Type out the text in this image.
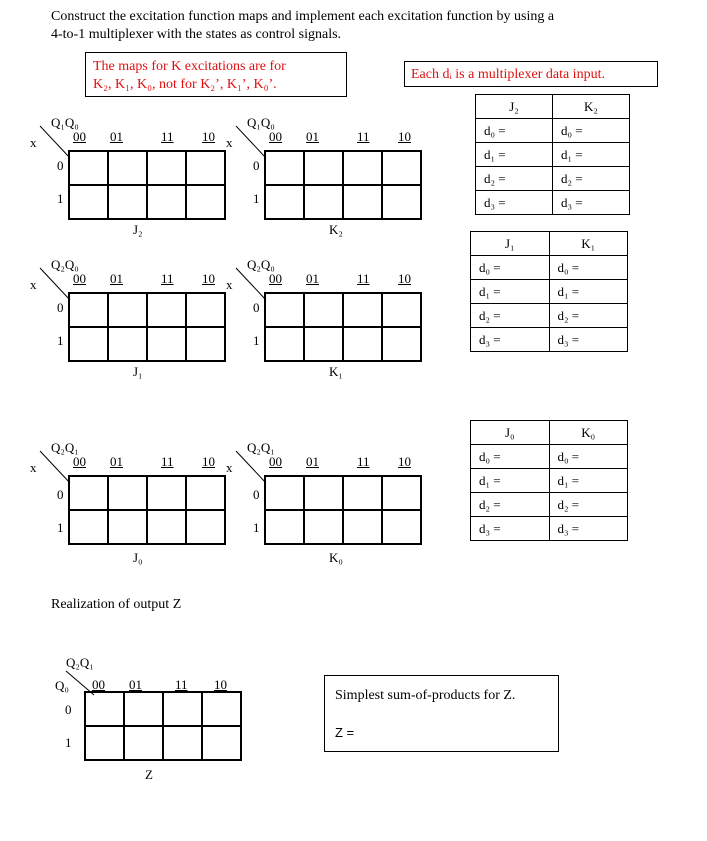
Construct the excitation function maps and implement each excitation function by using a
4-to-1 multiplexer with the states as control signals.
The maps for K excitations are for
K₂, K₁, K₀, not for K₂’, K₁’, K₀’.
Each dᵢ is a multiplexer data input.
Q₁Q₀
x	00 01	11 10
0
1

J₂
Q₁Q₀
x	00 01	11 10
0
1

K₂
Q₂Q₀
x	00 01	11 10
0
1

J₁
Q₂Q₀
x	00 01	11 10
0
1

K₁
Q₂Q₁
x	00 01	11 10
0
1

J₀
Q₂Q₁
x	00 01	11 10
0
1

K₀
J₂	K₂
d₀ =	d₀ =
d₁ =	d₁ =
d₂ =	d₂ =
d₃ =	d₃ =
J₁	K₁
d₀ =	d₀ =
d₁ =	d₁ =
d₂ =	d₂ =
d₃ =	d₃ =
J₀	K₀
d₀ =	d₀ =
d₁ =	d₁ =
d₂ =	d₂ =
d₃ =	d₃ =
Realization of output Z
Q₂Q₁
Q₀ 00 01	11 10
0
1

Z
Simplest sum-of-products for Z.
Z =
